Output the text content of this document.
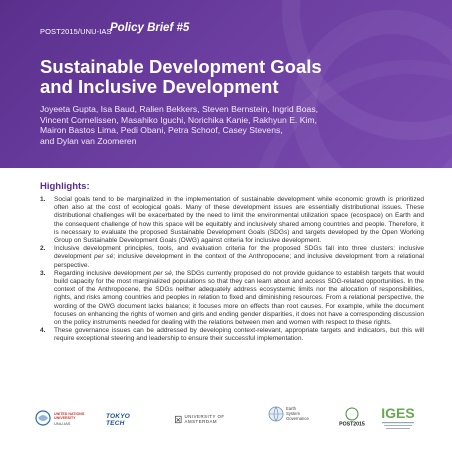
POST2015/UNU-IAS
Policy Brief #5
Sustainable Development Goals
and Inclusive Development
Joyeeta Gupta, Isa Baud, Ralien Bekkers, Steven Bernstein, Ingrid Boas,
Vincent Cornelissen, Masahiko Iguchi, Norichika Kanie, Rakhyun E. Kim,
Mairon Bastos Lima, Pedi Obani, Petra Schoof, Casey Stevens,
and Dylan van Zoomeren
Highlights:
1. Social goals tend to be marginalized in the implementation of sustainable development while economic growth is prioritized often also at the cost of ecological goals. Many of these development issues are essentially distributional issues. These distributional challenges will be exacerbated by the need to limit the environmental utilization space (ecospace) on Earth and the consequent challenge of how this space will be equitably and inclusively shared among countries and people. Therefore, it is necessary to evaluate the proposed Sustainable Development Goals (SDGs) and targets developed by the Open Working Group on Sustainable Development Goals (OWG) against criteria for inclusive development.
2. Inclusive development principles, tools, and evaluation criteria for the proposed SDGs fall into three clusters: inclusive development per sé; inclusive development in the context of the Anthropocene; and inclusive development from a relational perspective.
3. Regarding inclusive development per sé, the SDGs currently proposed do not provide guidance to establish targets that would build capacity for the most marginalized populations so that they can learn about and access SDG-related opportunities. In the context of the Anthropocene, the SDGs neither adequately address ecosystemic limits nor the allocation of responsibilities, rights, and risks among countries and peoples in relation to fixed and diminishing resources. From a relational perspective, the wording of the OWG document lacks balance; it focuses more on effects than root causes. For example, while the document focuses on enhancing the rights of women and girls and ending gender disparities, it does not have a corresponding discussion on the policy instruments needed for dealing with the relations between men and women with respect to these rights.
4. These governance issues can be addressed by developing context-relevant, appropriate targets and indicators, but this will require exceptional steering and leadership to ensure their successful implementation.
UNITED NATIONS
UNIVERSITY
UNU-IAS
TOKYO TECH
UNIVERSITY OF AMSTERDAM
Earth
System
Governance
POST2015
IGES
